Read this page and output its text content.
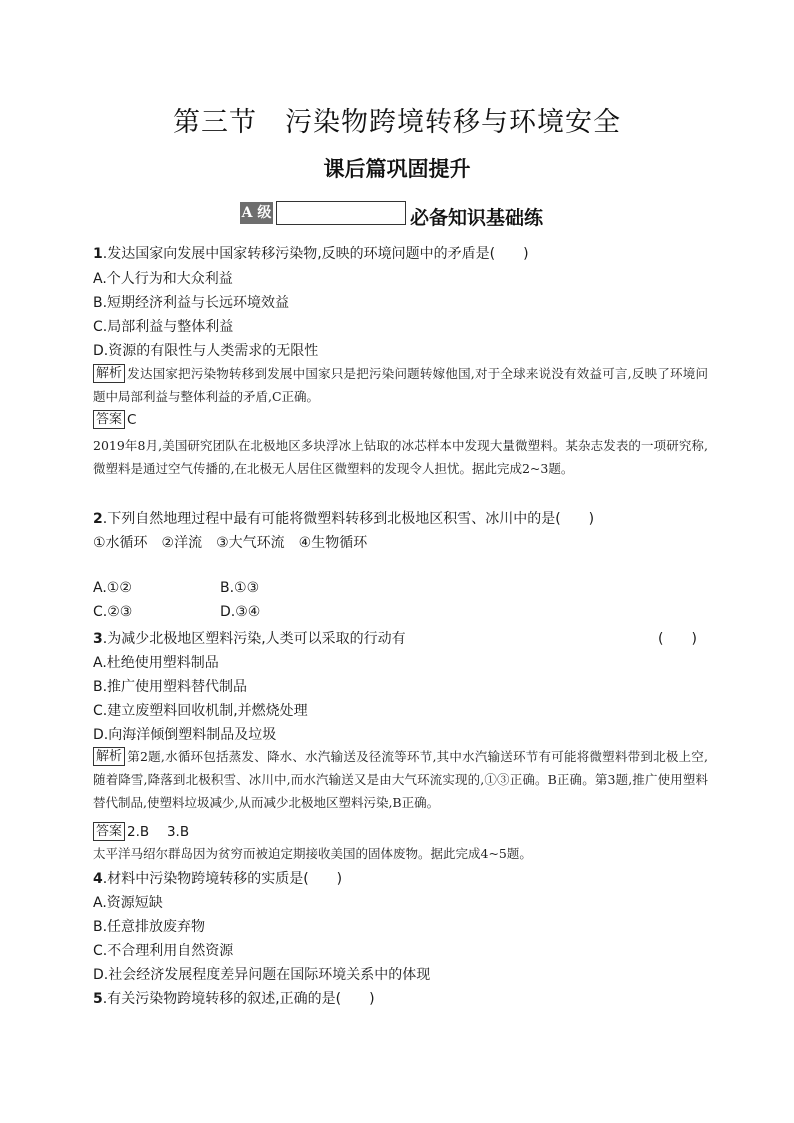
第三节　污染物跨境转移与环境安全
课后篇巩固提升
A 级	必备知识基础练
1.发达国家向发展中国家转移污染物,反映的环境问题中的矛盾是(　　)
A.个人行为和大众利益
B.短期经济利益与长远环境效益
C.局部利益与整体利益
D.资源的有限性与人类需求的无限性
解析 发达国家把污染物转移到发展中国家只是把污染问题转嫁他国,对于全球来说没有效益可言,反映了环境问题中局部利益与整体利益的矛盾,C正确。
答案 C
2019年8月,美国研究团队在北极地区多块浮冰上钻取的冰芯样本中发现大量微塑料。某杂志发表的一项研究称,微塑料是通过空气传播的,在北极无人居住区微塑料的发现令人担忧。据此完成2~3题。
2.下列自然地理过程中最有可能将微塑料转移到北极地区积雪、冰川中的是(　　)
①水循环　②洋流　③大气环流　④生物循环
A.①②	B.①③
C.②③	D.③④
3.为减少北极地区塑料污染,人类可以采取的行动有	(　　)
A.杜绝使用塑料制品
B.推广使用塑料替代制品
C.建立废塑料回收机制,并燃烧处理
D.向海洋倾倒塑料制品及垃圾
解析 第2题,水循环包括蒸发、降水、水汽输送及径流等环节,其中水汽输送环节有可能将微塑料带到北极上空,随着降雪,降落到北极积雪、冰川中,而水汽输送又是由大气环流实现的,①③正确。B正确。第3题,推广使用塑料替代制品,使塑料垃圾减少,从而减少北极地区塑料污染,B正确。
答案 2.B　 3.B
太平洋马绍尔群岛因为贫穷而被迫定期接收美国的固体废物。据此完成4~5题。
4.材料中污染物跨境转移的实质是(　　)
A.资源短缺
B.任意排放废弃物
C.不合理利用自然资源
D.社会经济发展程度差异问题在国际环境关系中的体现
5.有关污染物跨境转移的叙述,正确的是(　　)
